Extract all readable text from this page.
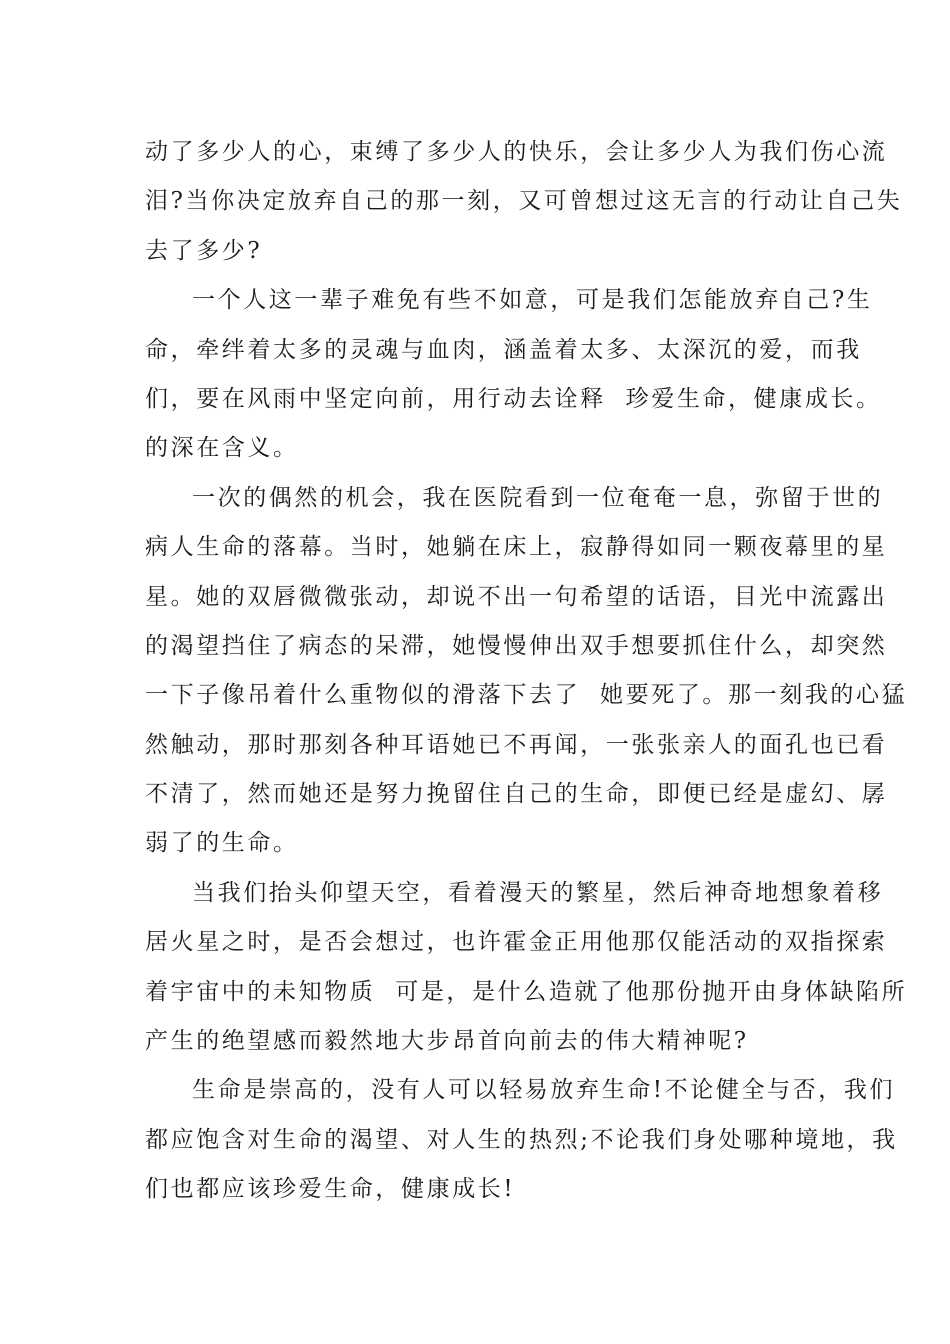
动了多少人的心，束缚了多少人的快乐，会让多少人为我们伤心流
泪?当你决定放弃自己的那一刻，又可曾想过这无言的行动让自己失
去了多少?
一个人这一辈子难免有些不如意，可是我们怎能放弃自己?生
命，牵绊着太多的灵魂与血肉，涵盖着太多、太深沉的爱，而我
们，要在风雨中坚定向前，用行动去诠释  珍爱生命，健康成长。
的深在含义。
一次的偶然的机会，我在医院看到一位奄奄一息，弥留于世的
病人生命的落幕。当时，她躺在床上，寂静得如同一颗夜幕里的星
星。她的双唇微微张动，却说不出一句希望的话语，目光中流露出
的渴望挡住了病态的呆滞，她慢慢伸出双手想要抓住什么，却突然
一下子像吊着什么重物似的滑落下去了  她要死了。那一刻我的心猛
然触动，那时那刻各种耳语她已不再闻，一张张亲人的面孔也已看
不清了，然而她还是努力挽留住自己的生命，即便已经是虚幻、孱
弱了的生命。
当我们抬头仰望天空，看着漫天的繁星，然后神奇地想象着移
居火星之时，是否会想过，也许霍金正用他那仅能活动的双指探索
着宇宙中的未知物质  可是，是什么造就了他那份抛开由身体缺陷所
产生的绝望感而毅然地大步昂首向前去的伟大精神呢?
生命是崇高的，没有人可以轻易放弃生命!不论健全与否，我们
都应饱含对生命的渴望、对人生的热烈;不论我们身处哪种境地，我
们也都应该珍爱生命，健康成长!
